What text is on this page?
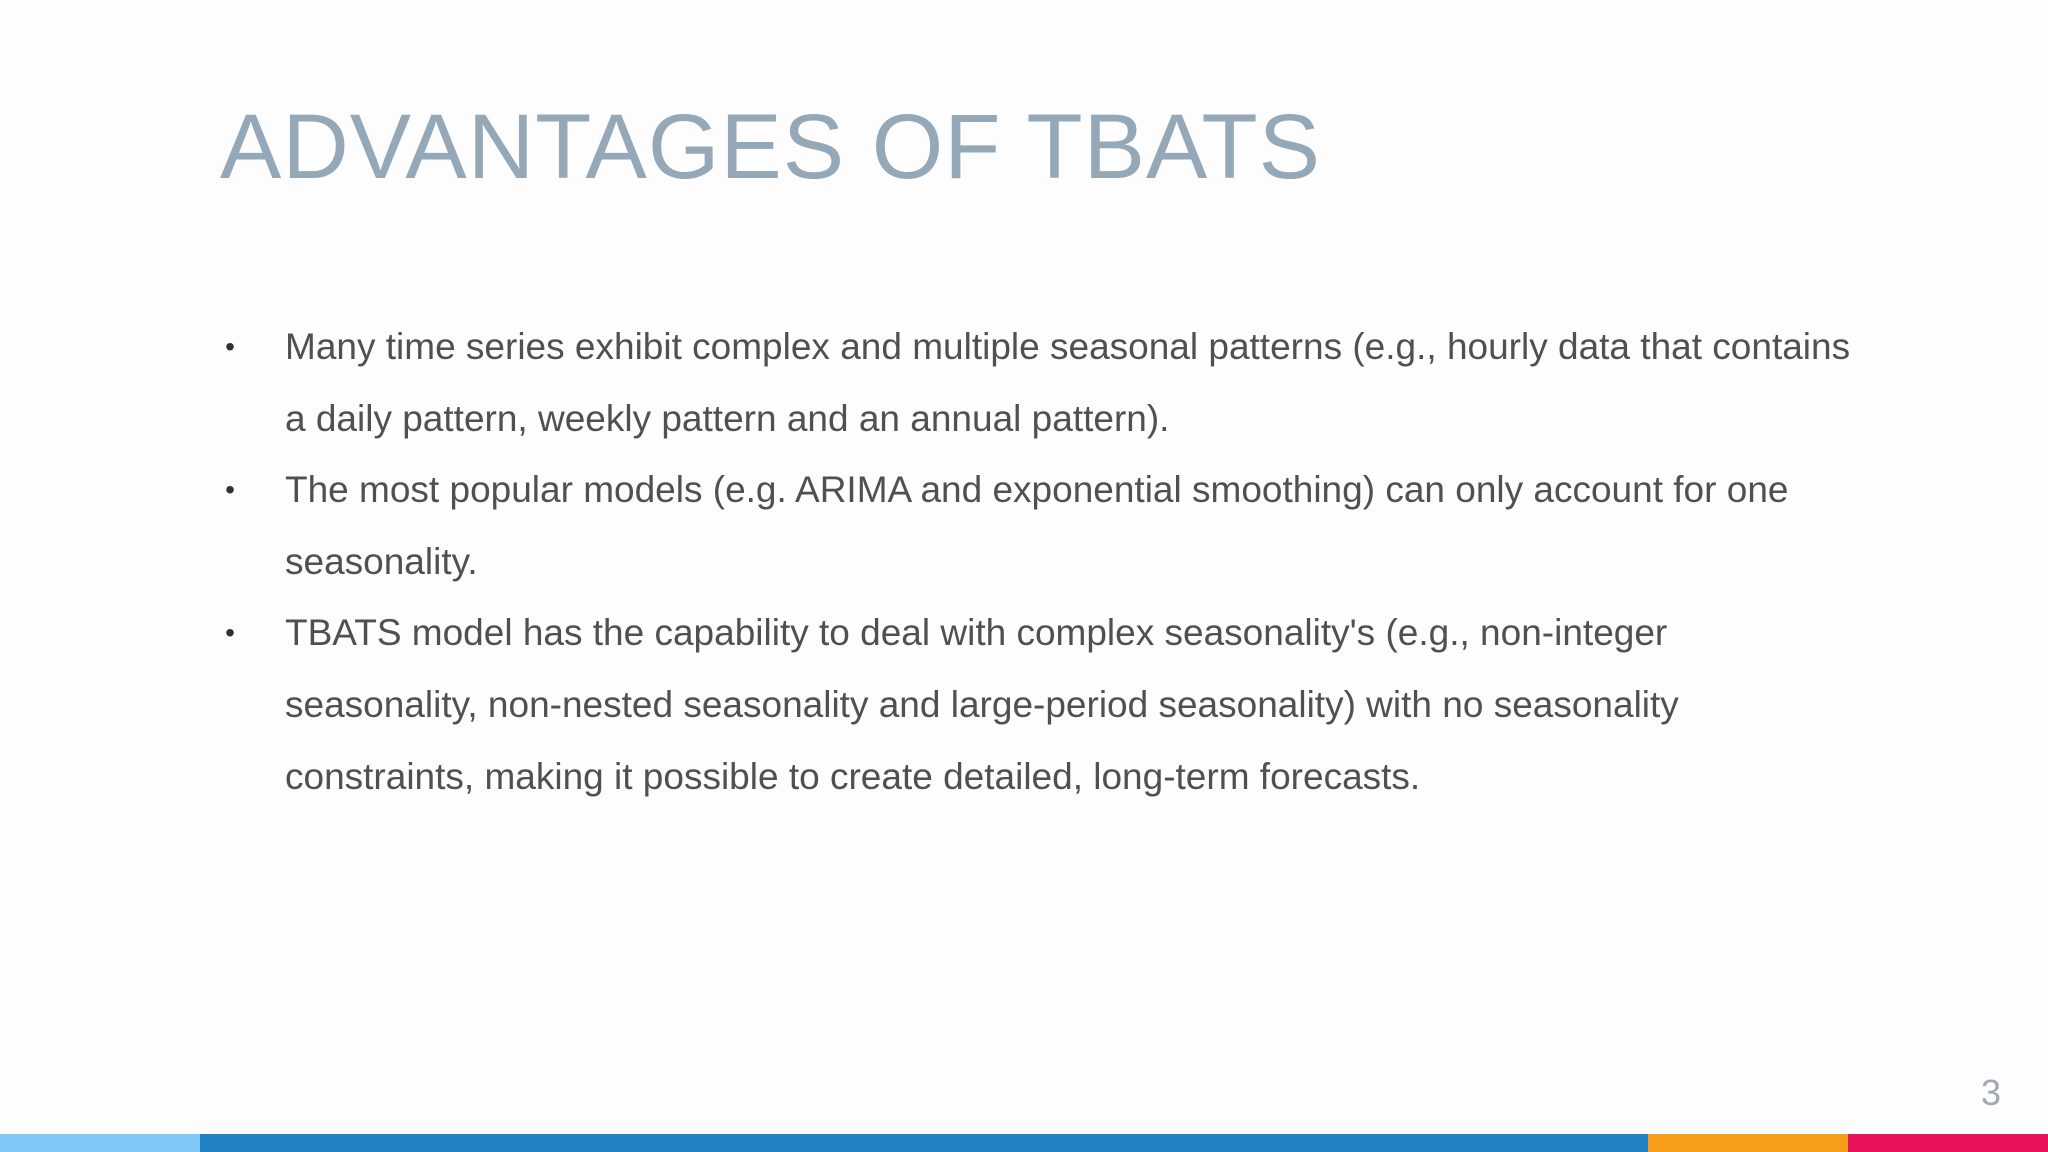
ADVANTAGES OF TBATS
• Many time series exhibit complex and multiple seasonal patterns (e.g., hourly data that contains a daily pattern, weekly pattern and an annual pattern).
• The most popular models (e.g. ARIMA and exponential smoothing) can only account for one seasonality.
• TBATS model has the capability to deal with complex seasonality's (e.g., non-integer seasonality, non-nested seasonality and large-period seasonality) with no seasonality constraints, making it possible to create detailed, long-term forecasts.
3
